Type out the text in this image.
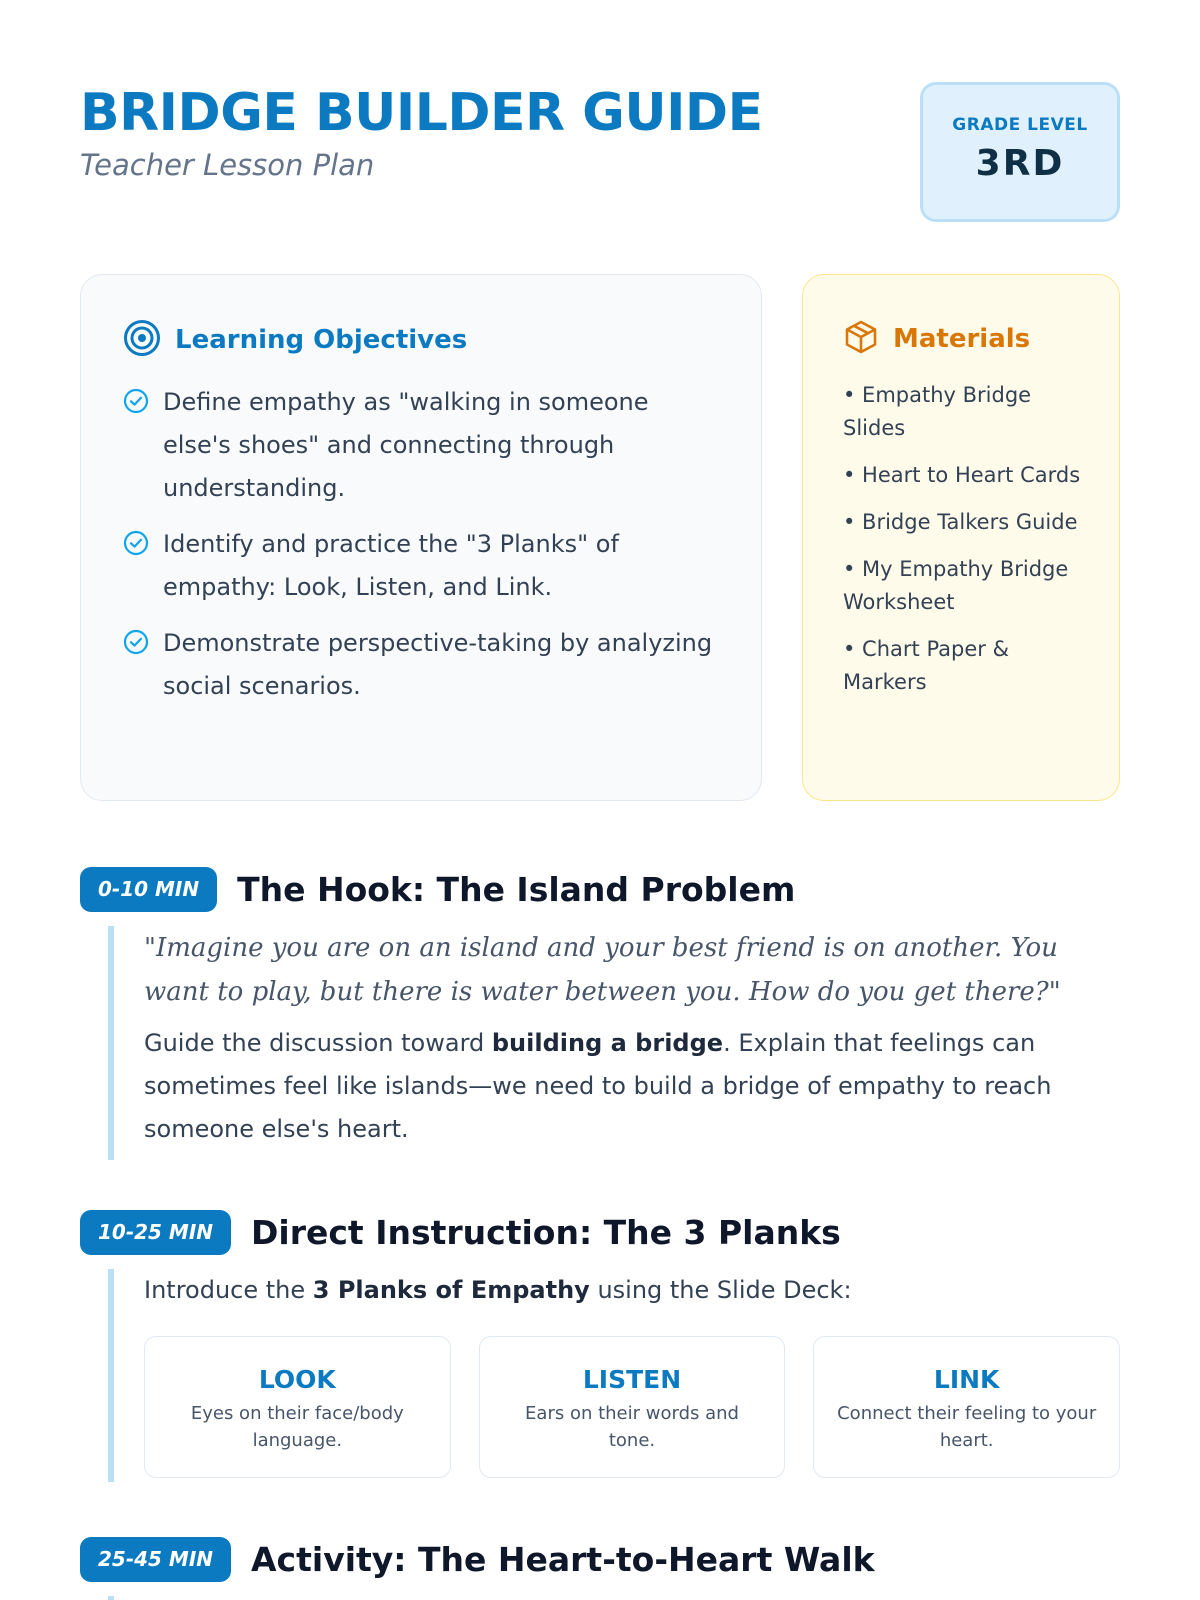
BRIDGE BUILDER GUIDE
Teacher Lesson Plan
GRADE LEVEL
3RD
Learning Objectives
Define empathy as "walking in someone else's shoes" and connecting through understanding.
Identify and practice the "3 Planks" of empathy: Look, Listen, and Link.
Demonstrate perspective-taking by analyzing social scenarios.
Materials
• Empathy Bridge Slides
• Heart to Heart Cards
• Bridge Talkers Guide
• My Empathy Bridge Worksheet
• Chart Paper & Markers
0-10 MIN	The Hook: The Island Problem

"Imagine you are on an island and your best friend is on another. You want to play, but there is water between you. How do you get there?"

Guide the discussion toward building a bridge. Explain that feelings can sometimes feel like islands—we need to build a bridge of empathy to reach someone else's heart.

10-25 MIN	Direct Instruction: The 3 Planks

Introduce the 3 Planks of Empathy using the Slide Deck:

LOOK
Eyes on their face/body language.
LISTEN
Ears on their words and tone.
LINK
Connect their feeling to your heart.
25-45 MIN	Activity: The Heart-to-Heart Walk
